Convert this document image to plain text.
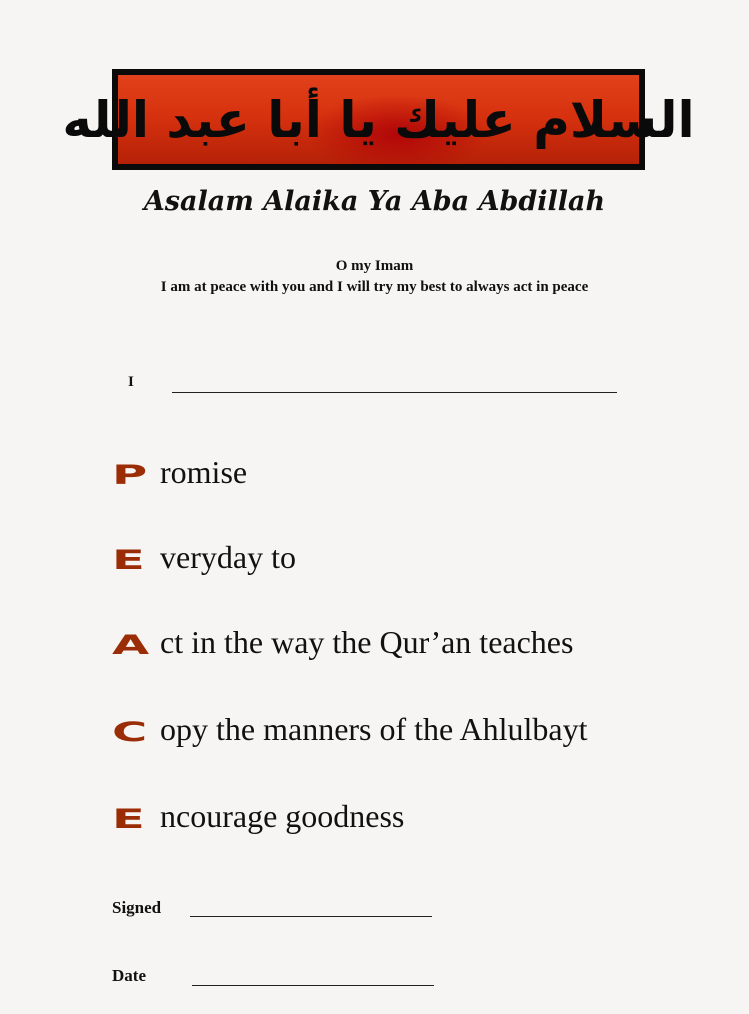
السلام عليك يا أبا عبد الله
Asalam Alaika Ya Aba Abdillah
O my Imam
I am at peace with you and I will try my best to always act in peace
I
P romise
E veryday to
A ct in the way the Qur’an teaches
C opy the manners of the Ahlulbayt
E ncourage goodness
Signed
Date
